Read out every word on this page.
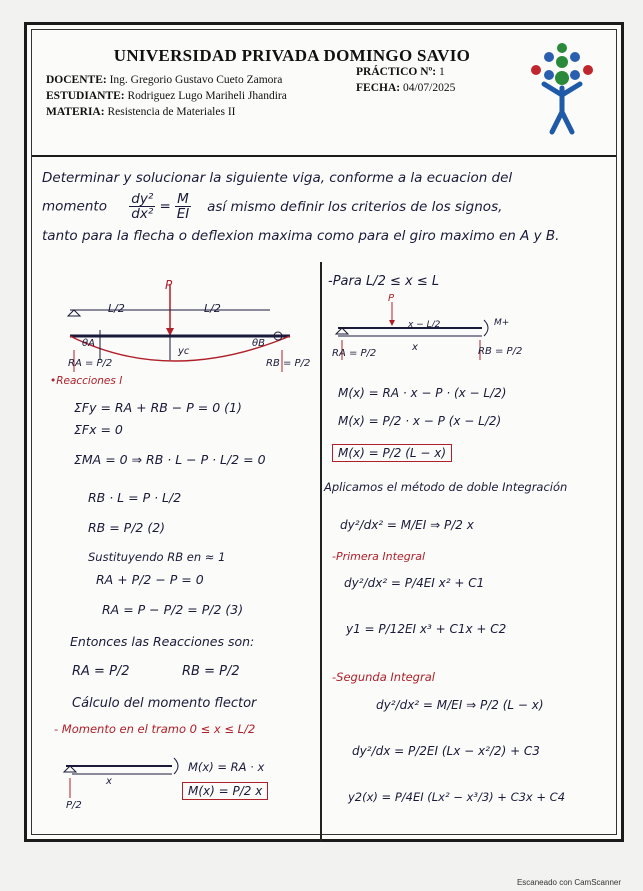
UNIVERSIDAD PRIVADA DOMINGO SAVIO
DOCENTE: Ing. Gregorio Gustavo Cueto Zamora
ESTUDIANTE: Rodriguez Lugo Mariheli Jhandira
MATERIA: Resistencia de Materiales II
PRÁCTICO Nº: 1
FECHA: 04/07/2025
Determinar y solucionar la siguiente viga, conforme a la ecuacion del
momento $\frac{\text{dy²}}{\text{dx²}} = \frac{M}{EI}$ así mismo definir los criterios de los signos,
tanto para la flecha o deflexion maxima como para el giro maximo en A y B.
P
L/2	L/2
θA	θB
yc
RA = P/2	RB = P/2
•Reacciones I
ΣFy = RA + RB − P = 0 (1)
ΣFx = 0
ΣMA = 0 ⇒ RB · L − P · L/2 = 0
RB · L = P · L/2
RB = P/2 (2)
Sustituyendo RB en ≈ 1
RA + P/2 − P = 0
RA = P − P/2 = P/2 (3)
Entonces las Reacciones son:
RA = P/2	RB = P/2
Cálculo del momento flector
- Momento en el tramo 0 ≤ x ≤ L/2
x
P/2
M(x) = RA · x
M(x) = P/2 x
-Para L/2 ≤ x ≤ L
P
M+
x − L/2
x
RA = P/2	RB = P/2
M(x) = RA · x − P · (x − L/2)
M(x) = P/2 · x − P (x − L/2)
M(x) = P/2 (L − x)
Aplicamos el método de doble Integración
dy²/dx² = M/EI ⇒ P/2 x
-Primera Integral
dy²/dx² = P/4EI x² + C1
y1 = P/12EI x³ + C1x + C2
-Segunda Integral
dy²/dx² = M/EI ⇒ P/2 (L − x)
dy²/dx = P/2EI (Lx − x²/2) + C3
y2(x) = P/4EI (Lx² − x³/3) + C3x + C4
Escaneado con CamScanner
